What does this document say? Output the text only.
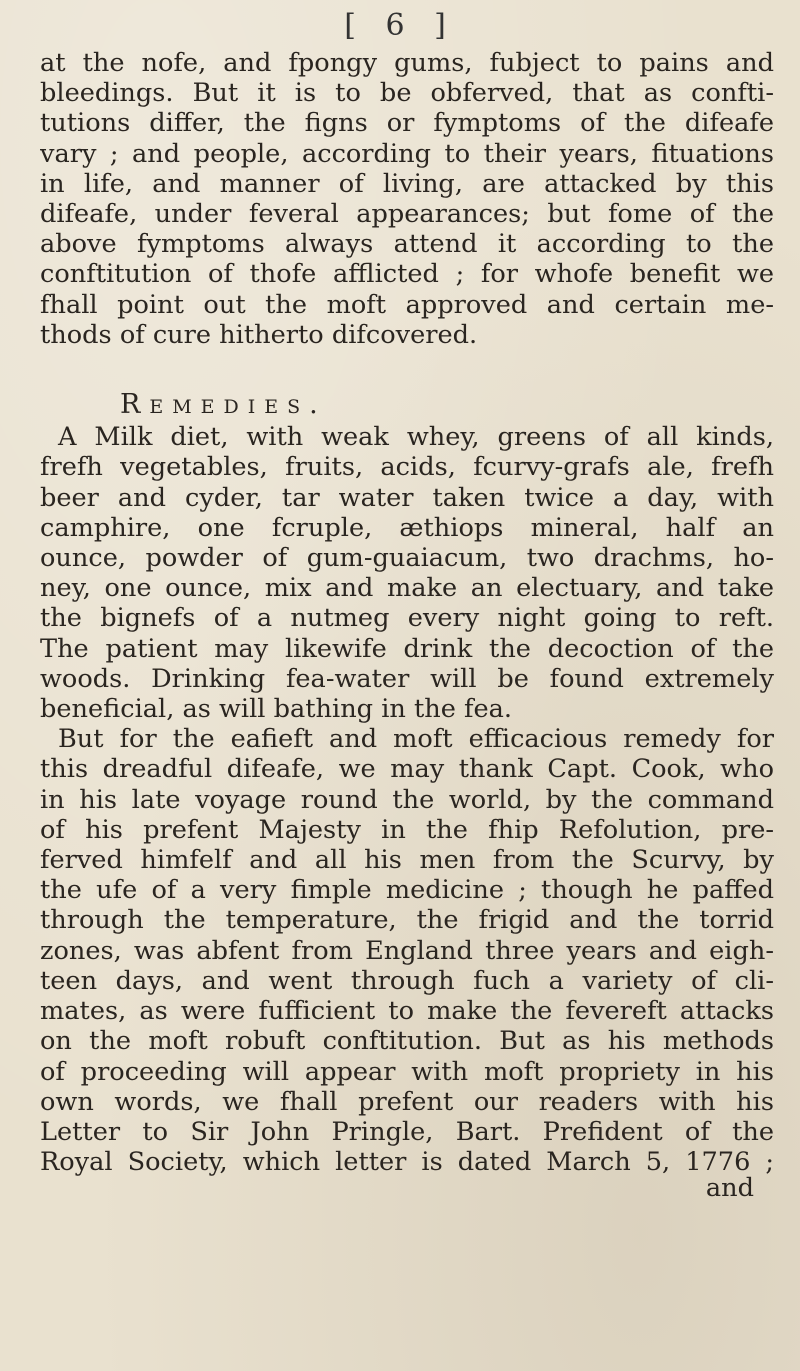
[ 6 ]
at the nofe, and fpongy gums, fubject to pains and
bleedings. But it is to be obferved, that as confti-
tutions differ, the figns or fymptoms of the difeafe
vary ; and people, according to their years, fituations
in life, and manner of living, are attacked by this
difeafe, under feveral appearances; but fome of the
above fymptoms always attend it according to the
conftitution of thofe afflicted ; for whofe benefit we
fhall point out the moft approved and certain me-
thods of cure hitherto difcovered.
Remedies.
A Milk diet, with weak whey, greens of all kinds,
frefh vegetables, fruits, acids, fcurvy-grafs ale, frefh
beer and cyder, tar water taken twice a day, with
camphire, one fcruple, æthiops mineral, half an
ounce, powder of gum-guaiacum, two drachms, ho-
ney, one ounce, mix and make an electuary, and take
the bignefs of a nutmeg every night going to reft.
The patient may likewife drink the decoction of the
woods. Drinking fea-water will be found extremely
beneficial, as will bathing in the fea.
But for the eafieft and moft efficacious remedy for
this dreadful difeafe, we may thank Capt. Cook, who
in his late voyage round the world, by the command
of his prefent Majesty in the fhip Refolution, pre-
ferved himfelf and all his men from the Scurvy, by
the ufe of a very fimple medicine ; though he paffed
through the temperature, the frigid and the torrid
zones, was abfent from England three years and eigh-
teen days, and went through fuch a variety of cli-
mates, as were fufficient to make the fevereft attacks
on the moft robuft conftitution. But as his methods
of proceeding will appear with moft propriety in his
own words, we fhall prefent our readers with his
Letter to Sir John Pringle, Bart. Prefident of the
Royal Society, which letter is dated March 5, 1776 ;
and
